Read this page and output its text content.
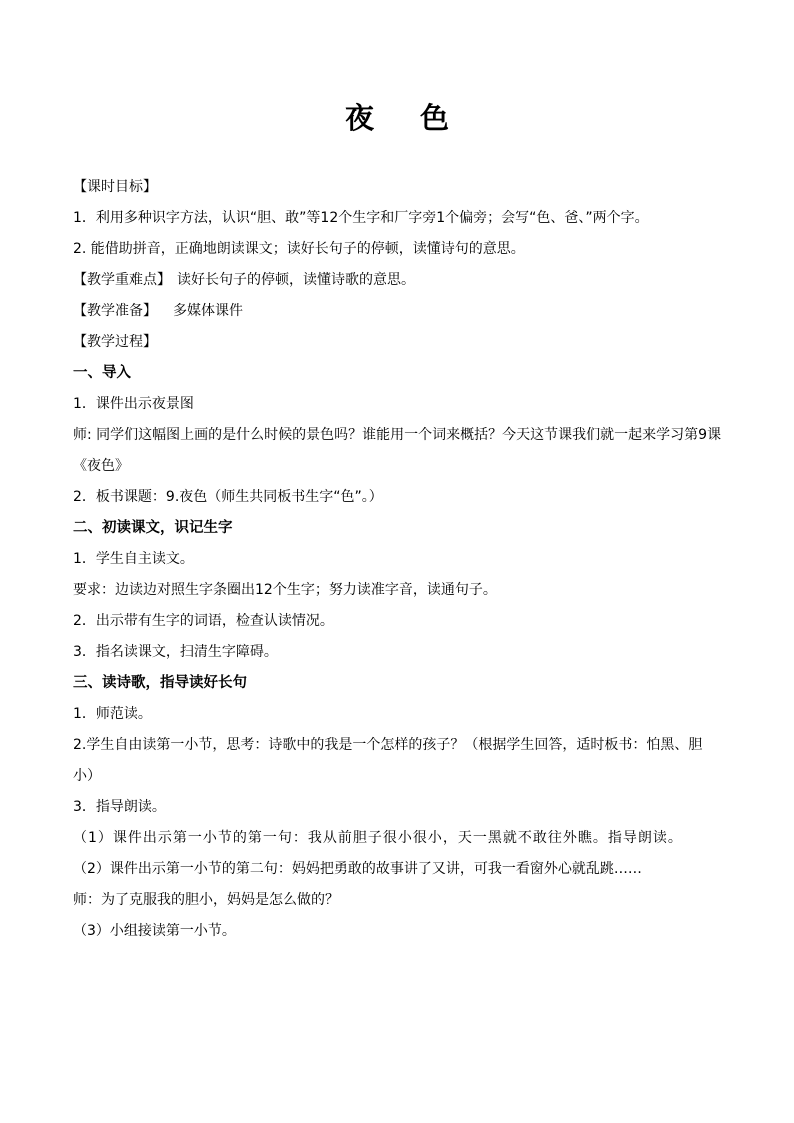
夜 色

【课时目标】

1．利用多种识字方法，认识“胆、敢”等12个生字和厂字旁1个偏旁；会写“色、爸、”两个字。

2. 能借助拼音，正确地朗读课文；读好长句子的停顿，读懂诗句的意思。

【教学重难点】 读好长句子的停顿，读懂诗歌的意思。

【教学准备】 多媒体课件

【教学过程】

一、导入

1．课件出示夜景图

师: 同学们这幅图上画的是什么时候的景色吗？谁能用一个词来概括？今天这节课我们就一起来学习第9课《夜色》

2．板书课题：9.夜色（师生共同板书生字“色”。）

二、初读课文，识记生字

1．学生自主读文。

要求：边读边对照生字条圈出12个生字；努力读准字音，读通句子。

2．出示带有生字的词语，检查认读情况。

3．指名读课文，扫清生字障碍。

三、读诗歌，指导读好长句

1．师范读。

2.学生自由读第一小节，思考：诗歌中的我是一个怎样的孩子？（根据学生回答，适时板书：怕黑、胆小）

3．指导朗读。

（1）课件出示第一小节的第一句：我从前胆子很小很小，天一黑就不敢往外瞧。指导朗读。

（2）课件出示第一小节的第二句：妈妈把勇敢的故事讲了又讲，可我一看窗外心就乱跳……

师：为了克服我的胆小，妈妈是怎么做的？

（3）小组接读第一小节。
